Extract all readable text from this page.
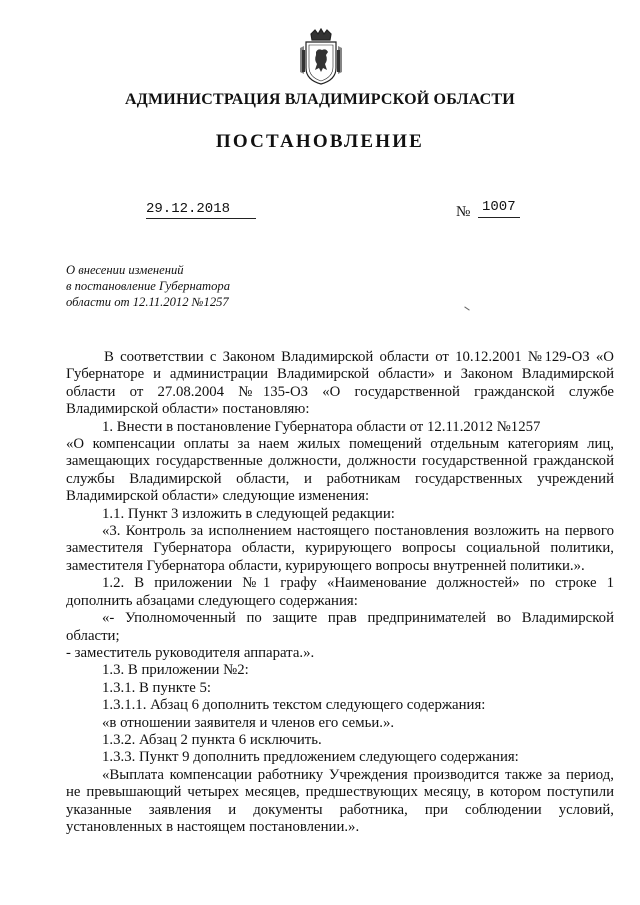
АДМИНИСТРАЦИЯ ВЛАДИМИРСКОЙ ОБЛАСТИ
ПОСТАНОВЛЕНИЕ
29.12.2018	№ 1007
О внесении изменений
в постановление Губернатора
области от 12.11.2012 №1257

В соответствии с Законом Владимирской области от 10.12.2001 №129-ОЗ «О Губернаторе и администрации Владимирской области» и Законом Владимирской области от 27.08.2004 №135-ОЗ «О государственной гражданской службе Владимирской области» постановляю:

1. Внести в постановление Губернатора области от 12.11.2012 №1257

«О компенсации оплаты за наем жилых помещений отдельным категориям лиц, замещающих государственные должности, должности государственной гражданской службы Владимирской области, и работникам государственных учреждений Владимирской области» следующие изменения:

1.1. Пункт 3 изложить в следующей редакции:

«3. Контроль за исполнением настоящего постановления возложить на первого заместителя Губернатора области, курирующего вопросы социальной политики, заместителя Губернатора области, курирующего вопросы внутренней политики.».

1.2. В приложении №1 графу «Наименование должностей» по строке 1 дополнить абзацами следующего содержания:

«- Уполномоченный по защите прав предпринимателей во Владимирской области;

- заместитель руководителя аппарата.».

1.3. В приложении №2:

1.3.1. В пункте 5:

1.3.1.1. Абзац 6 дополнить текстом следующего содержания:

«в отношении заявителя и членов его семьи.».

1.3.2. Абзац 2 пункта 6 исключить.

1.3.3. Пункт 9 дополнить предложением следующего содержания:

«Выплата компенсации работнику Учреждения производится также за период, не превышающий четырех месяцев, предшествующих месяцу, в котором поступили указанные заявления и документы работника, при соблюдении условий, установленных в настоящем постановлении.».
